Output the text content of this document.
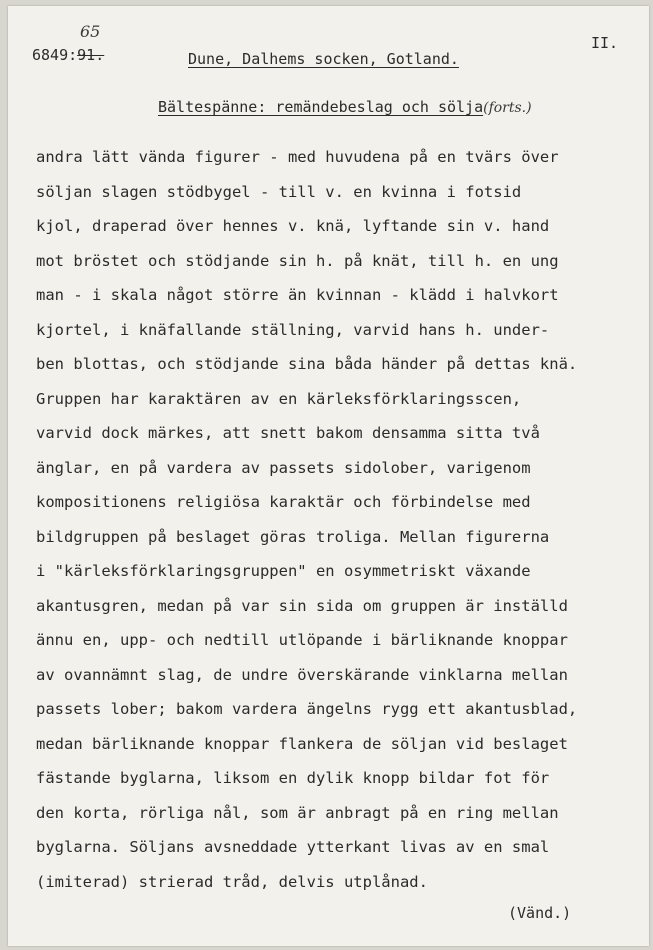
65
6849:91.	Dune, Dalhems socken, Gotland.
II.
Bältespänne: remändebeslag och sölja(forts.)
andra lätt vända figurer - med huvudena på en tvärs över
söljan slagen stödbygel - till v. en kvinna i fotsid
kjol, draperad över hennes v. knä, lyftande sin v. hand
mot bröstet och stödjande sin h. på knät, till h. en ung
man - i skala något större än kvinnan - klädd i halvkort
kjortel, i knäfallande ställning, varvid hans h. under-
ben blottas, och stödjande sina båda händer på dettas knä.
Gruppen har karaktären av en kärleksförklaringsscen,
varvid dock märkes, att snett bakom densamma sitta två
änglar, en på vardera av passets sidolober, varigenom
kompositionens religiösa karaktär och förbindelse med
bildgruppen på beslaget göras troliga. Mellan figurerna
i "kärleksförklaringsgruppen" en osymmetriskt växande
akantusgren, medan på var sin sida om gruppen är inställd
ännu en, upp- och nedtill utlöpande i bärliknande knoppar
av ovannämnt slag, de undre överskärande vinklarna mellan
passets lober; bakom vardera ängelns rygg ett akantusblad,
medan bärliknande knoppar flankera de söljan vid beslaget
fästande byglarna, liksom en dylik knopp bildar fot för
den korta, rörliga nål, som är anbragt på en ring mellan
byglarna. Söljans avsneddade ytterkant livas av en smal
(imiterad) strierad tråd, delvis utplånad.
(Vänd.)
